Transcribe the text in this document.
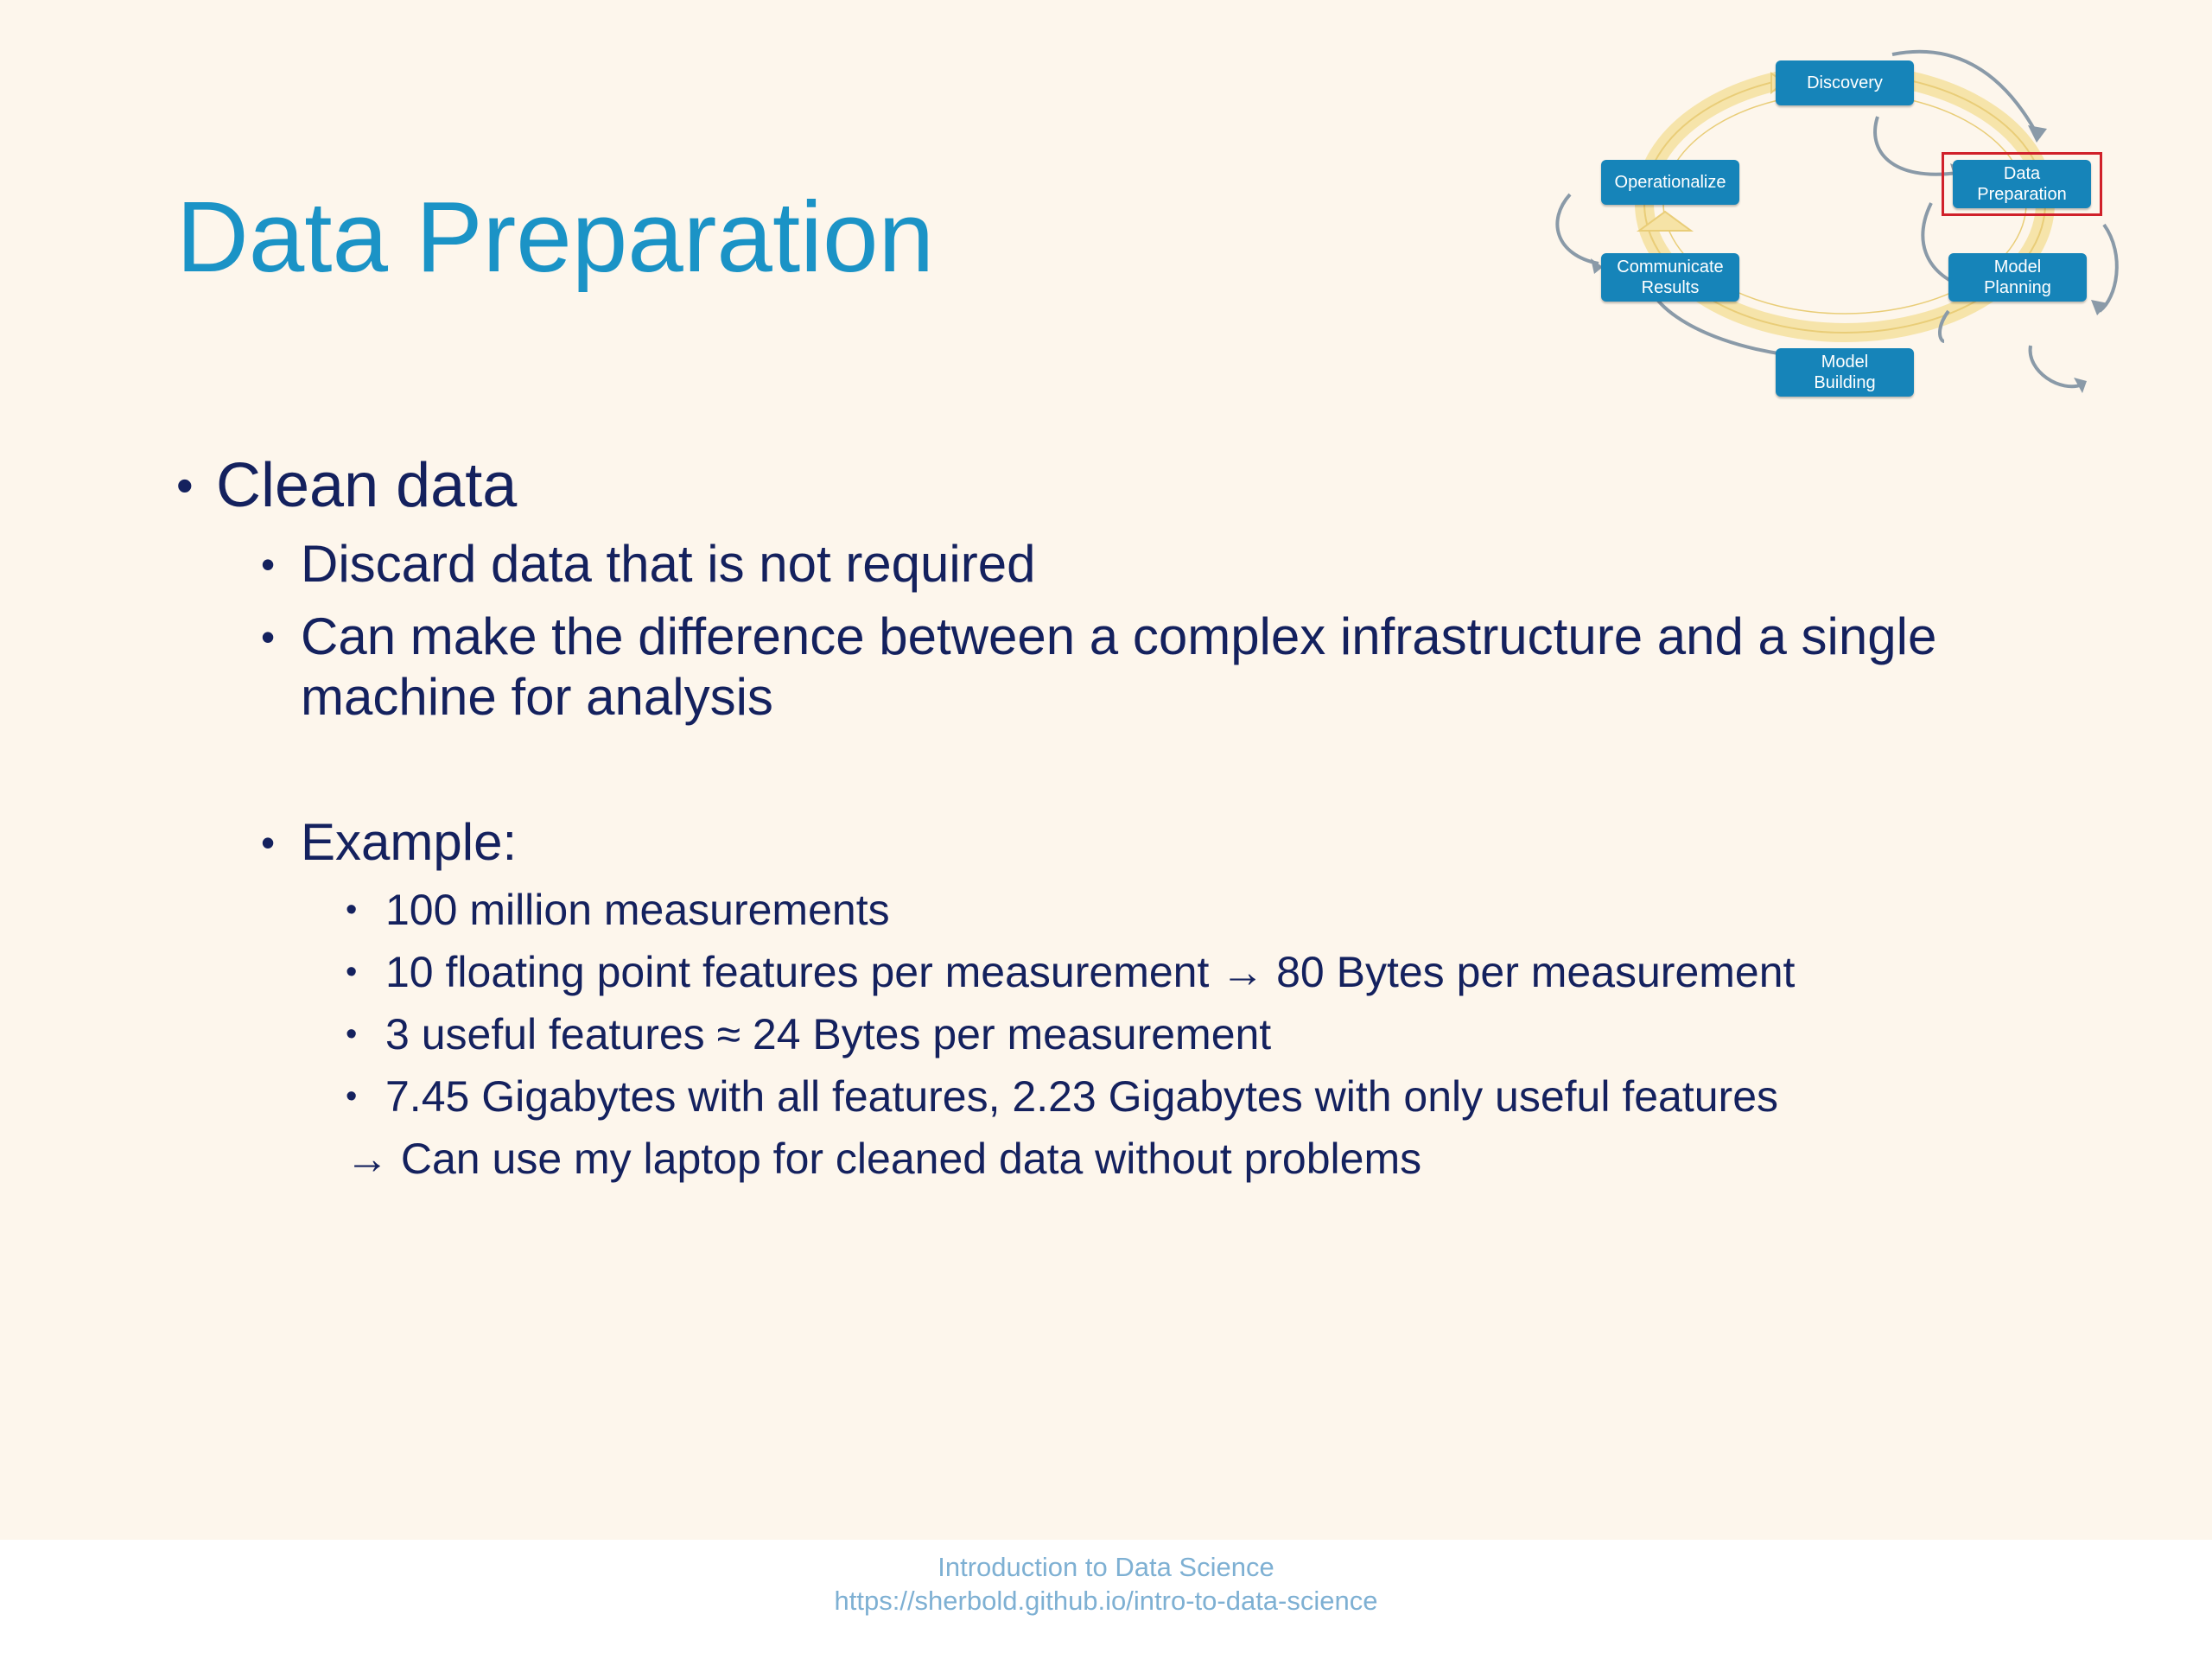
Data Preparation
Discovery
Data
Preparation
Model
Planning
Model
Building
Communicate
Results
Operationalize
• Clean data
• Discard data that is not required
• Can make the difference between a complex infrastructure and a single machine for analysis
• Example:
• 100 million measurements
• 10 floating point features per measurement → 80 Bytes per measurement
• 3 useful features ≈ 24 Bytes per measurement
• 7.45 Gigabytes with all features, 2.23 Gigabytes with only useful features
→ Can use my laptop for cleaned data without problems
Introduction to Data Science
https://sherbold.github.io/intro-to-data-science
